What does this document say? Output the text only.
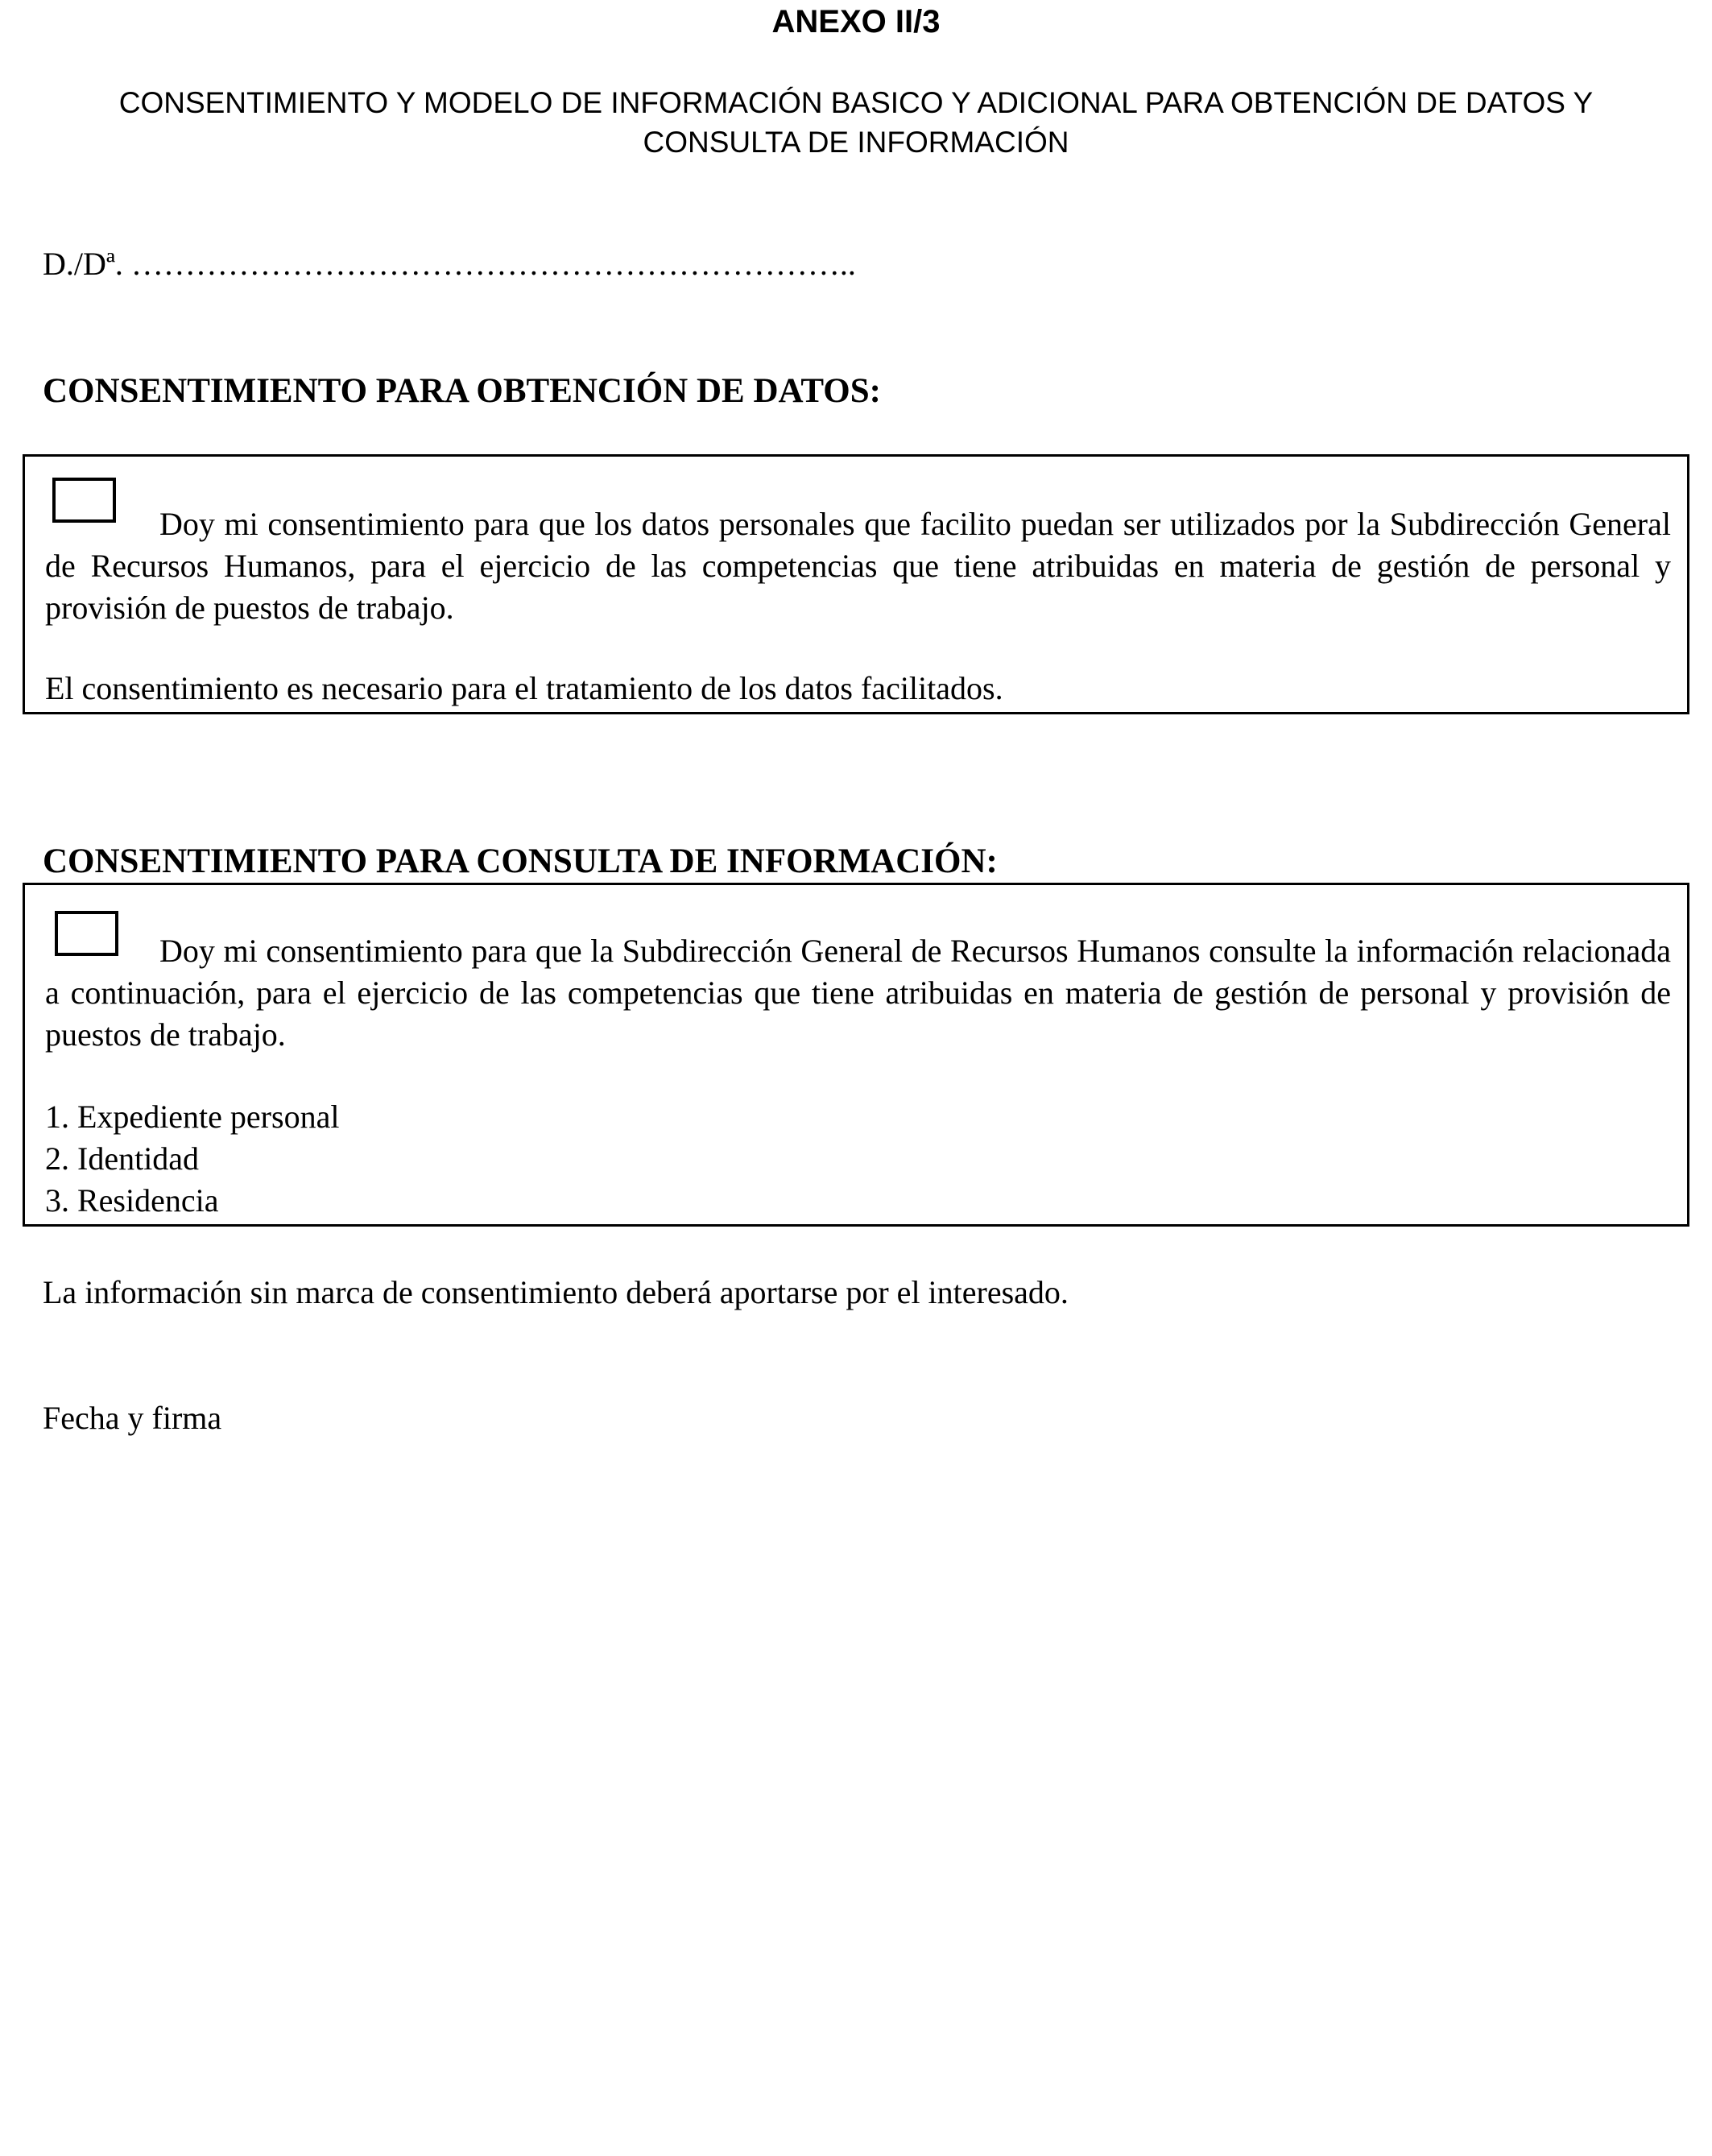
ANEXO II/3

CONSENTIMIENTO Y MODELO DE INFORMACIÓN BASICO Y ADICIONAL PARA OBTENCIÓN DE DATOS Y CONSULTA DE INFORMACIÓN

D./Dª. …………………………………………………………..
CONSENTIMIENTO PARA OBTENCIÓN DE DATOS:

Doy mi consentimiento para que los datos personales que facilito puedan ser utilizados por la Subdirección General de Recursos Humanos, para el ejercicio de las competencias que tiene atribuidas en materia de gestión de personal y provisión de puestos de trabajo.

El consentimiento es necesario para el tratamiento de los datos facilitados.

CONSENTIMIENTO PARA CONSULTA DE INFORMACIÓN:

Doy mi consentimiento para que la Subdirección General de Recursos Humanos consulte la información relacionada a continuación, para el ejercicio de las competencias que tiene atribuidas en materia de gestión de personal y provisión de puestos de trabajo.

1. Expediente personal
2. Identidad
3. Residencia

La información sin marca de consentimiento deberá aportarse por el interesado.

Fecha y firma
